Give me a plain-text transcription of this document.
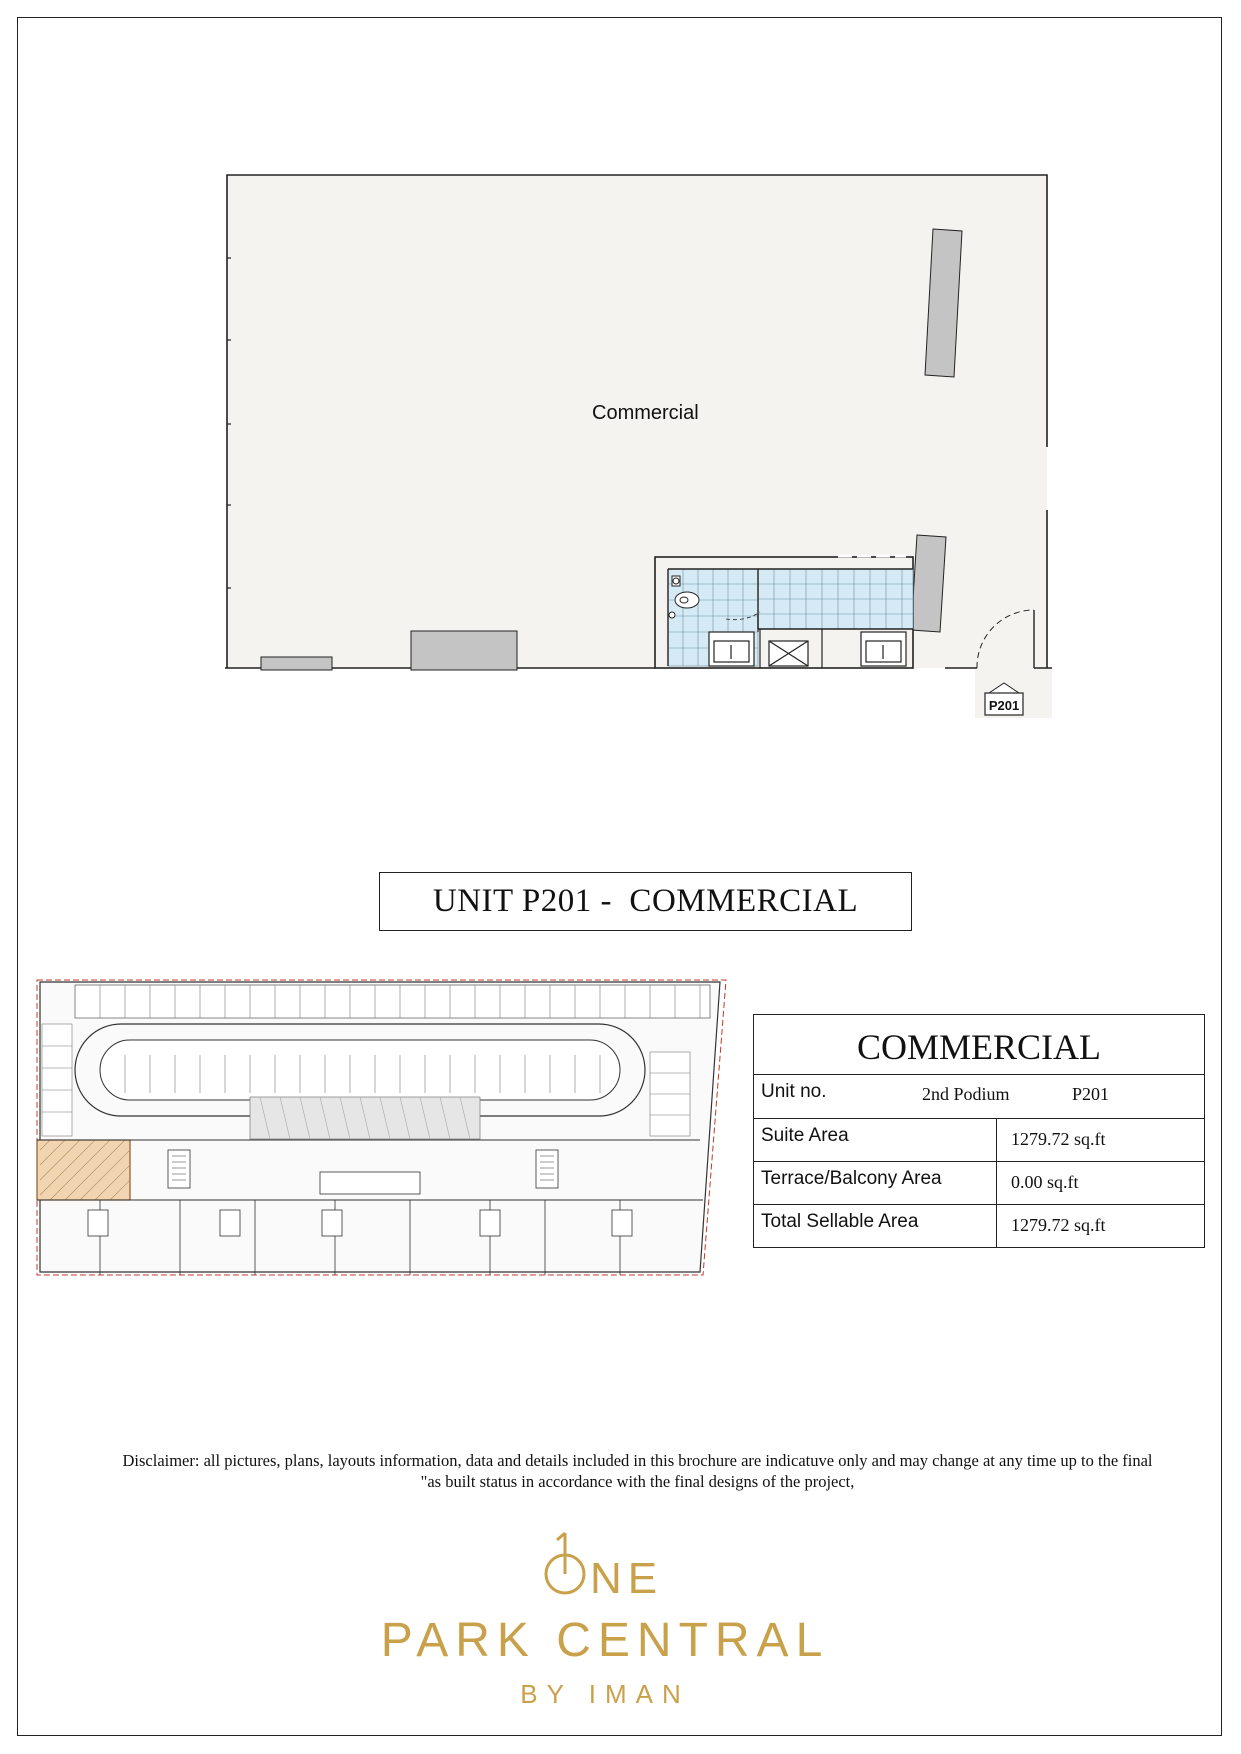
P201
Commercial
UNIT P201 -  COMMERCIAL
COMMERCIAL	

Unit no. 2nd Podium P201	

Suite Area	1279.72 sq.ft
Terrace/Balcony Area	0.00 sq.ft
Total Sellable Area	1279.72 sq.ft
Disclaimer: all pictures, plans, layouts information, data and details included in this brochure are indicatuve only and may change at any time up to the final
"as built status in accordance with the final designs of the project,
NE
PARK CENTRAL
BY IMAN
